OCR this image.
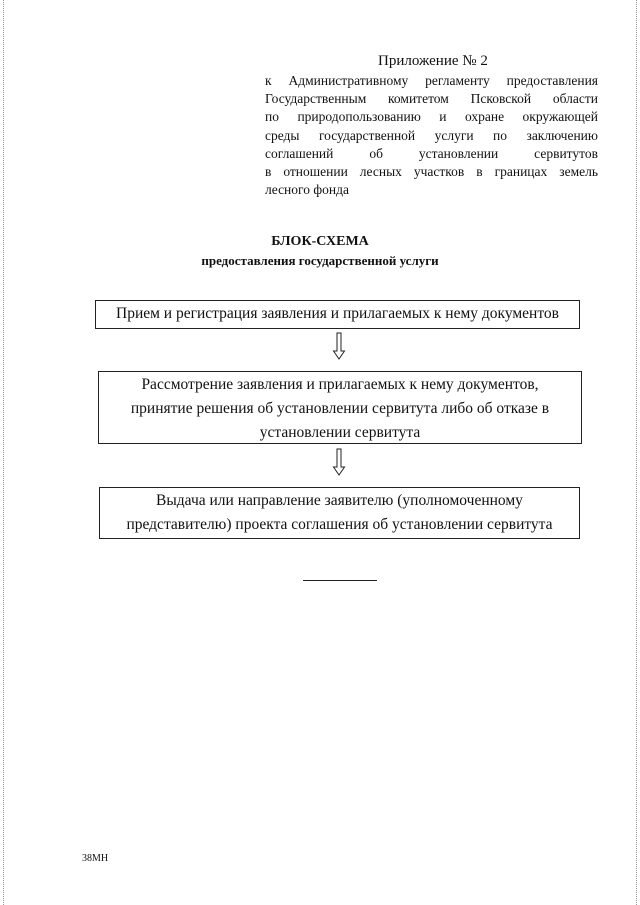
Приложение № 2
к Административному регламенту предоставления
Государственным комитетом Псковской области
по природопользованию и охране окружающей
среды государственной услуги по заключению
соглашений об установлении сервитутов
в отношении лесных участков в границах земель
лесного фонда
БЛОК-СХЕМА
предоставления государственной услуги
Прием и регистрация заявления и прилагаемых к нему документов
Рассмотрение заявления и прилагаемых к нему документов,
принятие решения об установлении сервитута либо об отказе в
установлении сервитута
Выдача или направление заявителю (уполномоченному
представителю) проекта соглашения об установлении сервитута
38МН
